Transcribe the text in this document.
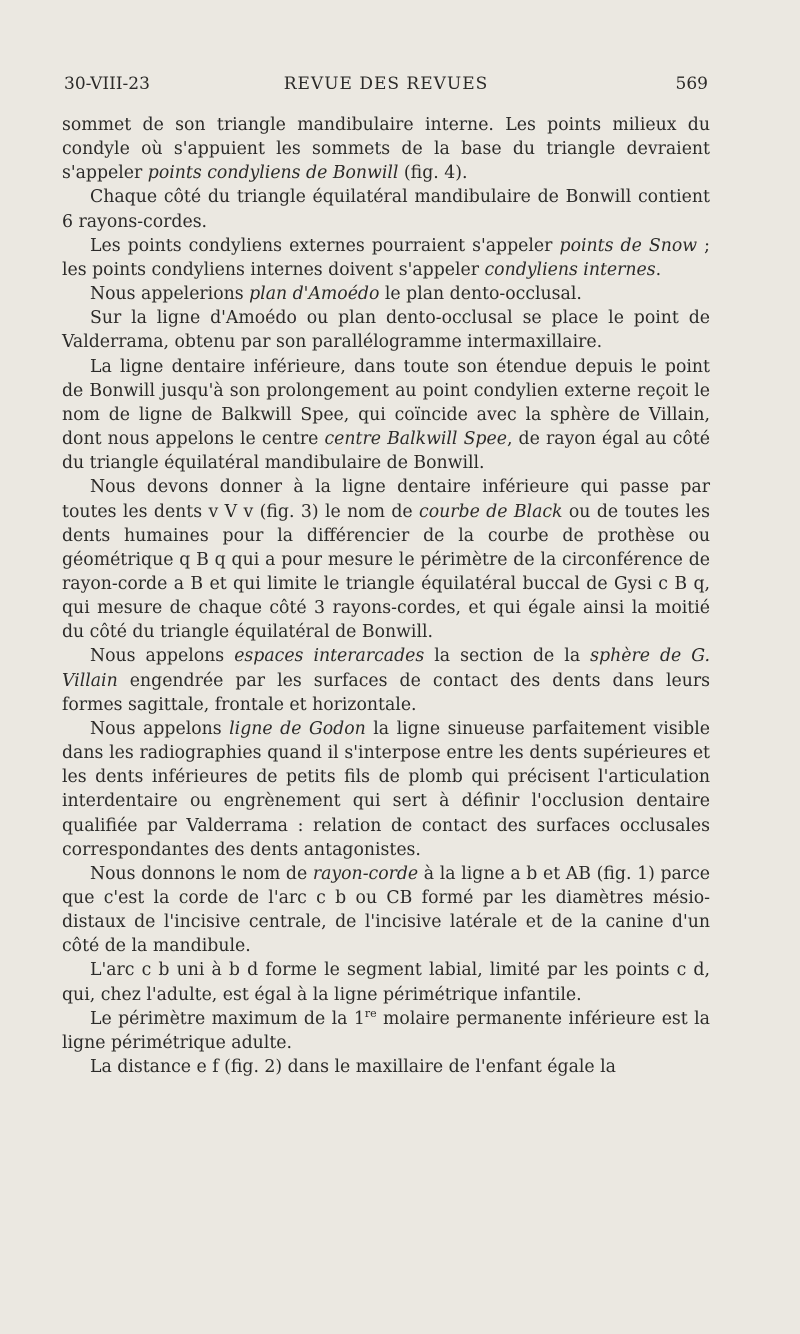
30-VIII-23	REVUE DES REVUES	569

sommet de son triangle mandibulaire interne. Les points milieux du condyle où s'appuient les sommets de la base du triangle devraient s'appeler points condyliens de Bonwill (fig. 4).

Chaque côté du triangle équilatéral mandibulaire de Bonwill contient 6 rayons-cordes.

Les points condyliens externes pourraient s'appeler points de Snow ; les points condyliens internes doivent s'appeler condyliens internes.

Nous appelerions plan d'Amoédo le plan dento-occlusal.

Sur la ligne d'Amoédo ou plan dento-occlusal se place le point de Valderrama, obtenu par son parallélogramme intermaxillaire.

La ligne dentaire inférieure, dans toute son étendue depuis le point de Bonwill jusqu'à son prolongement au point condylien externe reçoit le nom de ligne de Balkwill Spee, qui coïncide avec la sphère de Villain, dont nous appelons le centre centre Balkwill Spee, de rayon égal au côté du triangle équilatéral mandibulaire de Bonwill.

Nous devons donner à la ligne dentaire inférieure qui passe par toutes les dents v V v (fig. 3) le nom de courbe de Black ou de toutes les dents humaines pour la différencier de la courbe de prothèse ou géométrique q B q qui a pour mesure le périmètre de la circonférence de rayon-corde a B et qui limite le triangle équilatéral buccal de Gysi c B q, qui mesure de chaque côté 3 rayons-cordes, et qui égale ainsi la moitié du côté du triangle équilatéral de Bonwill.

Nous appelons espaces interarcades la section de la sphère de G. Villain engendrée par les surfaces de contact des dents dans leurs formes sagittale, frontale et horizontale.

Nous appelons ligne de Godon la ligne sinueuse parfaitement visible dans les radiographies quand il s'interpose entre les dents supérieures et les dents inférieures de petits fils de plomb qui précisent l'articulation interdentaire ou engrènement qui sert à définir l'occlusion dentaire qualifiée par Valderrama : relation de contact des surfaces occlusales correspondantes des dents antagonistes.

Nous donnons le nom de rayon-corde à la ligne a b et AB (fig. 1) parce que c'est la corde de l'arc c b ou CB formé par les diamètres mésio-distaux de l'incisive centrale, de l'incisive latérale et de la canine d'un côté de la mandibule.

L'arc c b uni à b d forme le segment labial, limité par les points c d, qui, chez l'adulte, est égal à la ligne périmétrique infantile.

Le périmètre maximum de la 1re molaire permanente inférieure est la ligne périmétrique adulte.

La distance e f (fig. 2) dans le maxillaire de l'enfant égale la
